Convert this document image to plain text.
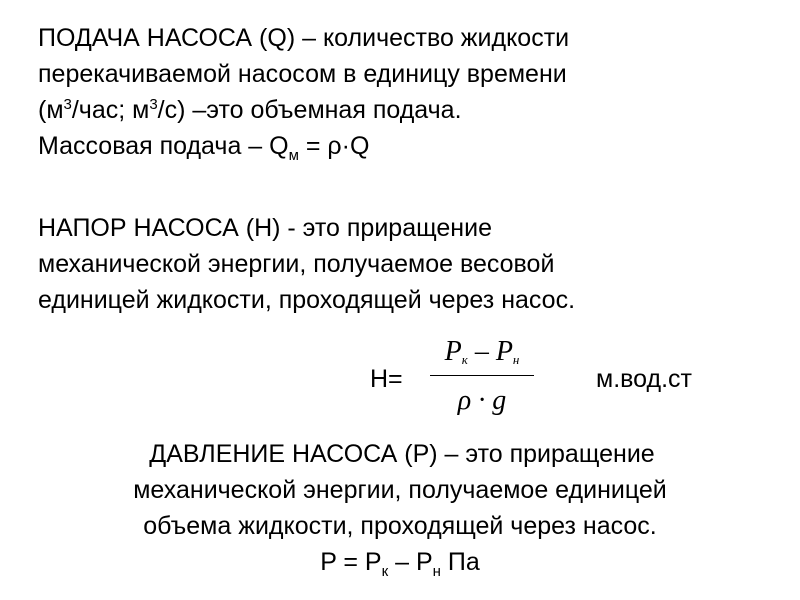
ПОДАЧА НАСОСА (Q) – количество жидкости
перекачиваемой насосом в единицу времени
($м^3$/час; $м^3/с$) –это объемная подача.
Массовая подача – $Q_м = \rho\cdot Q$
НАПОР НАСОСА (H) - это приращение
механической энергии, получаемое весовой
единицей жидкости, проходящей через насос.
H=
$P_к - P_н$
ρ · g
м.вод.ст
ДАВЛЕНИЕ НАСОСА (P) – это приращение
механической энергии, получаемое единицей
объема жидкости, проходящей через насос.
$P = P_к - P_н$ Па
